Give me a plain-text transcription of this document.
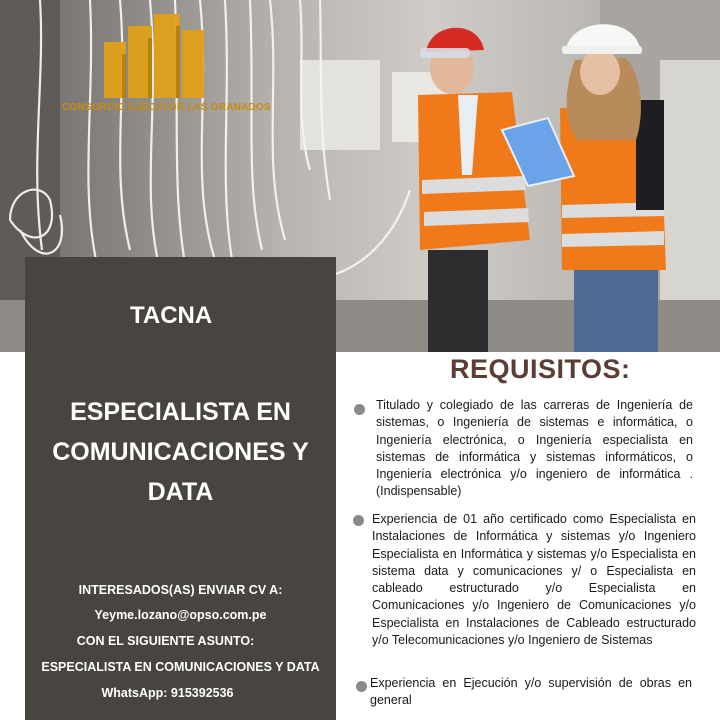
CONSORCIO EJECUTOR LAS GRANADOS
TACNA
ESPECIALISTA EN
COMUNICACIONES Y
DATA
INTERESADOS(AS) ENVIAR CV A:
Yeyme.lozano@opso.com.pe
CON EL SIGUIENTE ASUNTO:
ESPECIALISTA EN COMUNICACIONES Y DATA
WhatsApp: 915392536
REQUISITOS:
Titulado y colegiado de las carreras de Ingeniería de sistemas, o Ingeniería de sistemas e informática, o Ingeniería electrónica, o Ingeniería especialista en sistemas de informática y sistemas informáticos, o Ingeniería electrónica y/o ingeniero de informática . (Indispensable)
Experiencia de 01 año certificado como Especialista en Instalaciones de Informática y sistemas y/o Ingeniero Especialista en Informática y sistemas y/o Especialista en sistema data y comunicaciones y/ o Especialista en cableado estructurado y/o Especialista en Comunicaciones y/o Ingeniero de Comunicaciones y/o Especialista en Instalaciones de Cableado estructurado y/o Telecomunicaciones y/o Ingeniero de Sistemas
Experiencia en Ejecución y/o supervisión de obras en general
